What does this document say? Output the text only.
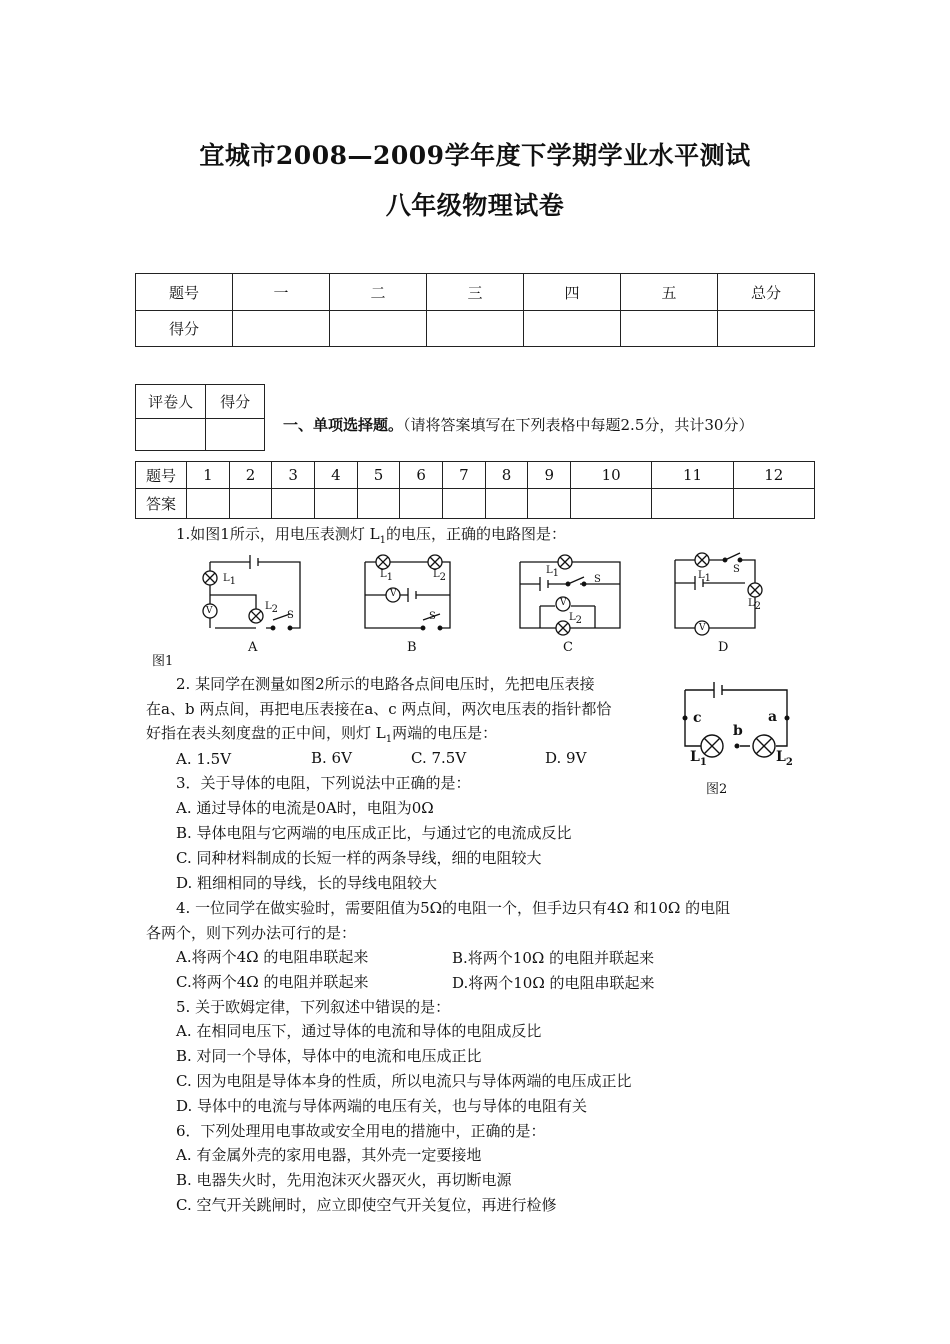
宜城市2008—2009学年度下学期学业水平测试
八年级物理试卷
题号	一	二	三	四	五	总分
得分						
评卷人	得分

一、单项选择题。（请将答案填写在下列表格中每题2.5分，共计30分）
题号	1	2	3	4	5	6	7	8	9	10	11	12
答案												
1.如图1所示，用电压表测灯 $L_1$的电压，正确的电路图是：
$L_1$
V	$L_2$
S
$L_1$	$L_2$
V
S
$L_1$
S
V
$L_2$
$L_1$
S
$L_2$
V
A	B	C	D
图1
2. 某同学在测量如图2所示的电路各点间电压时，先把电压表接
在a、b 两点间，再把电压表接在a、c 两点间，两次电压表的指针都恰
好指在表头刻度盘的正中间，则灯 $L_1$两端的电压是：
A. 1.5V	B. 6V	C. 7.5V	D. 9V
c
b
a
$L_1$	$L_2$
图2
3．关于导体的电阻，下列说法中正确的是：
A. 通过导体的电流是0A时，电阻为0Ω
B. 导体电阻与它两端的电压成正比，与通过它的电流成反比
C. 同种材料制成的长短一样的两条导线，细的电阻较大
D. 粗细相同的导线，长的导线电阻较大
4. 一位同学在做实验时，需要阻值为5Ω的电阻一个，但手边只有4Ω 和10Ω 的电阻
各两个，则下列办法可行的是：
A.将两个4Ω 的电阻串联起来	B.将两个10Ω 的电阻并联起来
C.将两个4Ω 的电阻并联起来	D.将两个10Ω 的电阻串联起来
5. 关于欧姆定律，下列叙述中错误的是：
A. 在相同电压下，通过导体的电流和导体的电阻成反比
B. 对同一个导体，导体中的电流和电压成正比
C. 因为电阻是导体本身的性质，所以电流只与导体两端的电压成正比
D. 导体中的电流与导体两端的电压有关，也与导体的电阻有关
6．下列处理用电事故或安全用电的措施中，正确的是：
A. 有金属外壳的家用电器，其外壳一定要接地
B. 电器失火时，先用泡沫灭火器灭火，再切断电源
C. 空气开关跳闸时，应立即使空气开关复位，再进行检修
